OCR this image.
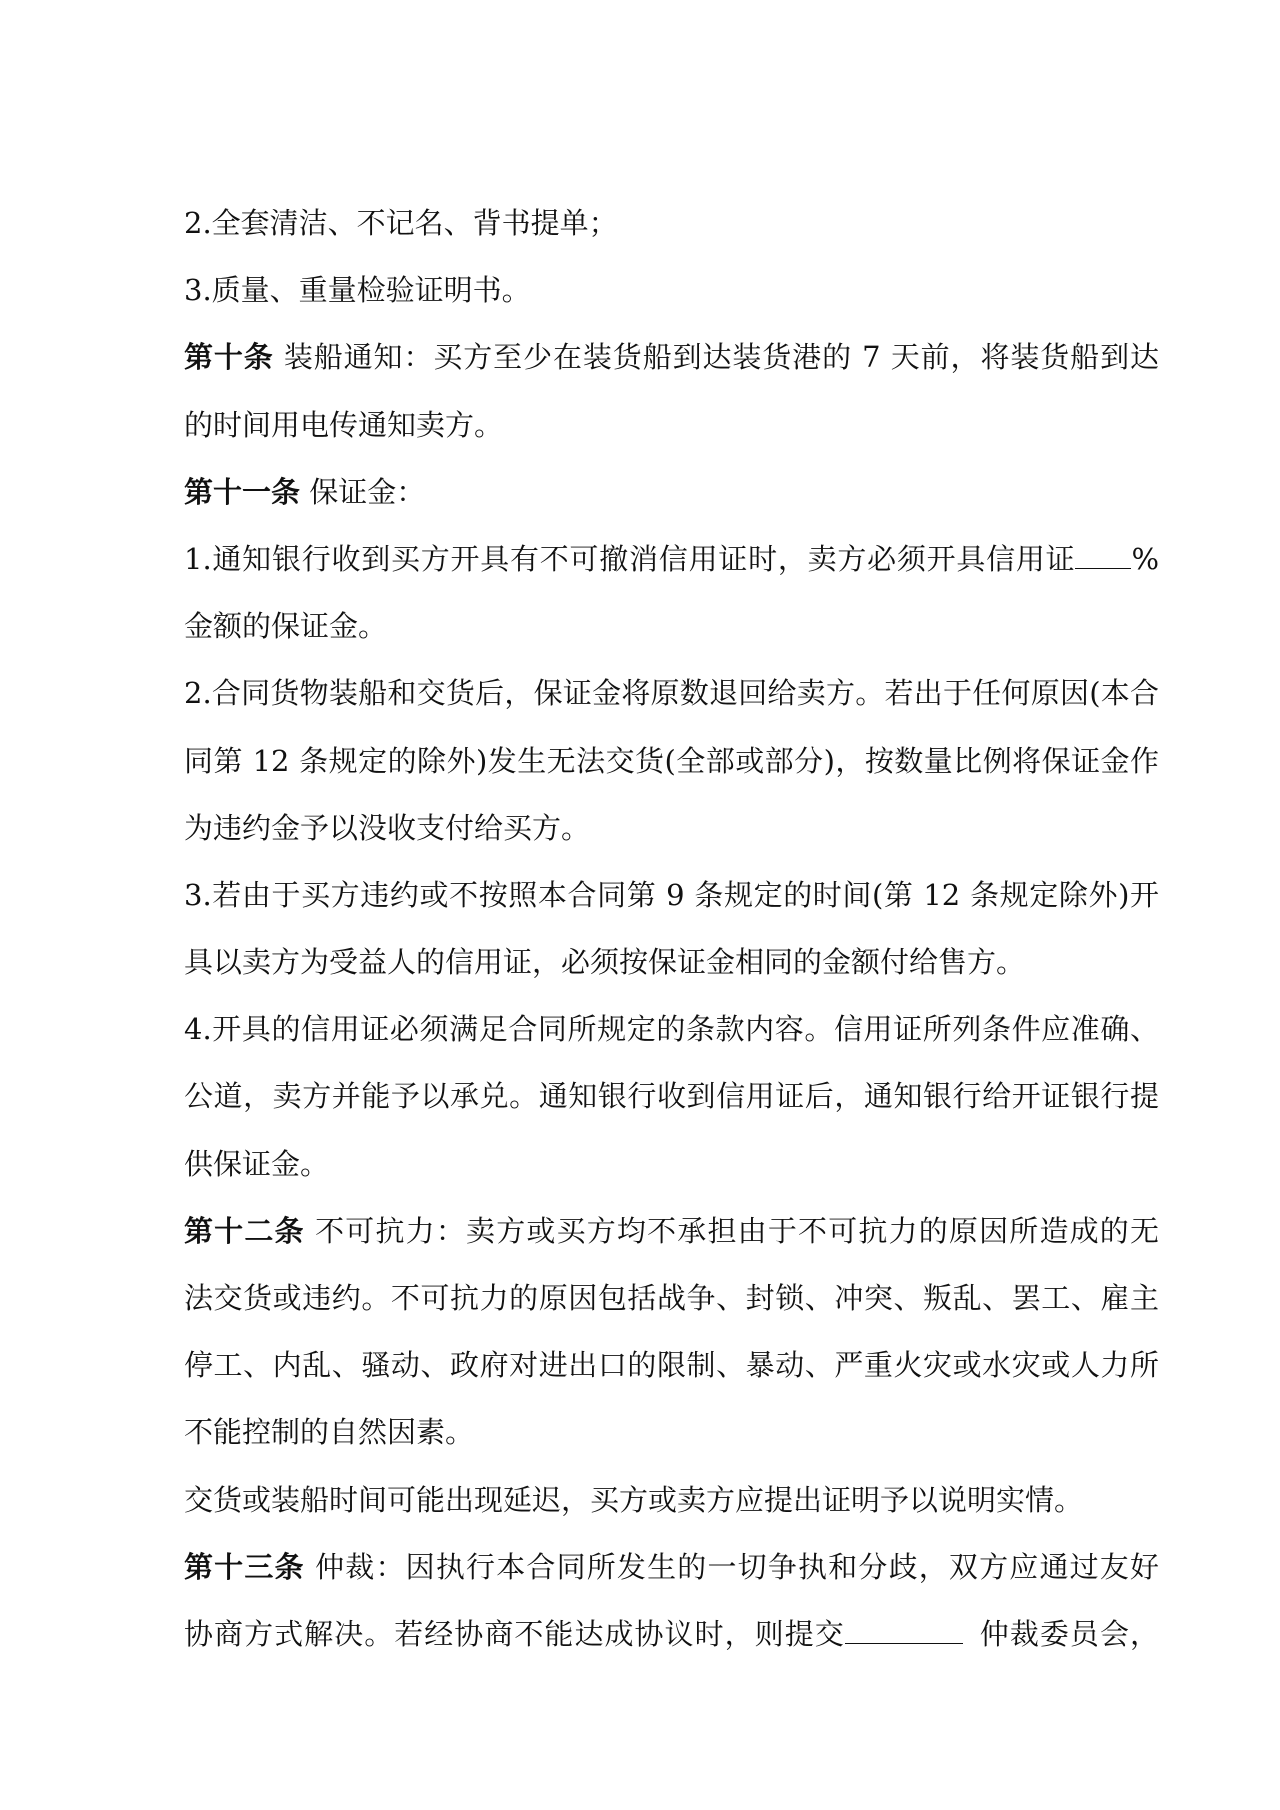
2.全套清洁、不记名、背书提单；
3.质量、重量检验证明书。
第十条 装船通知：买方至少在装货船到达装货港的 7 天前，将装货船到达
的时间用电传通知卖方。
第十一条 保证金：
1.通知银行收到买方开具有不可撤消信用证时，卖方必须开具信用证 %
金额的保证金。
2.合同货物装船和交货后，保证金将原数退回给卖方。若出于任何原因(本合
同第 12 条规定的除外)发生无法交货(全部或部分)，按数量比例将保证金作
为违约金予以没收支付给买方。
3.若由于买方违约或不按照本合同第 9 条规定的时间(第 12 条规定除外)开
具以卖方为受益人的信用证，必须按保证金相同的金额付给售方。
4.开具的信用证必须满足合同所规定的条款内容。信用证所列条件应准确、
公道，卖方并能予以承兑。通知银行收到信用证后，通知银行给开证银行提
供保证金。
第十二条 不可抗力：卖方或买方均不承担由于不可抗力的原因所造成的无
法交货或违约。不可抗力的原因包括战争、封锁、冲突、叛乱、罢工、雇主
停工、内乱、骚动、政府对进出口的限制、暴动、严重火灾或水灾或人力所
不能控制的自然因素。
交货或装船时间可能出现延迟，买方或卖方应提出证明予以说明实情。
第十三条 仲裁：因执行本合同所发生的一切争执和分歧，双方应通过友好
协商方式解决。若经协商不能达成协议时，则提交	仲裁委员会，
